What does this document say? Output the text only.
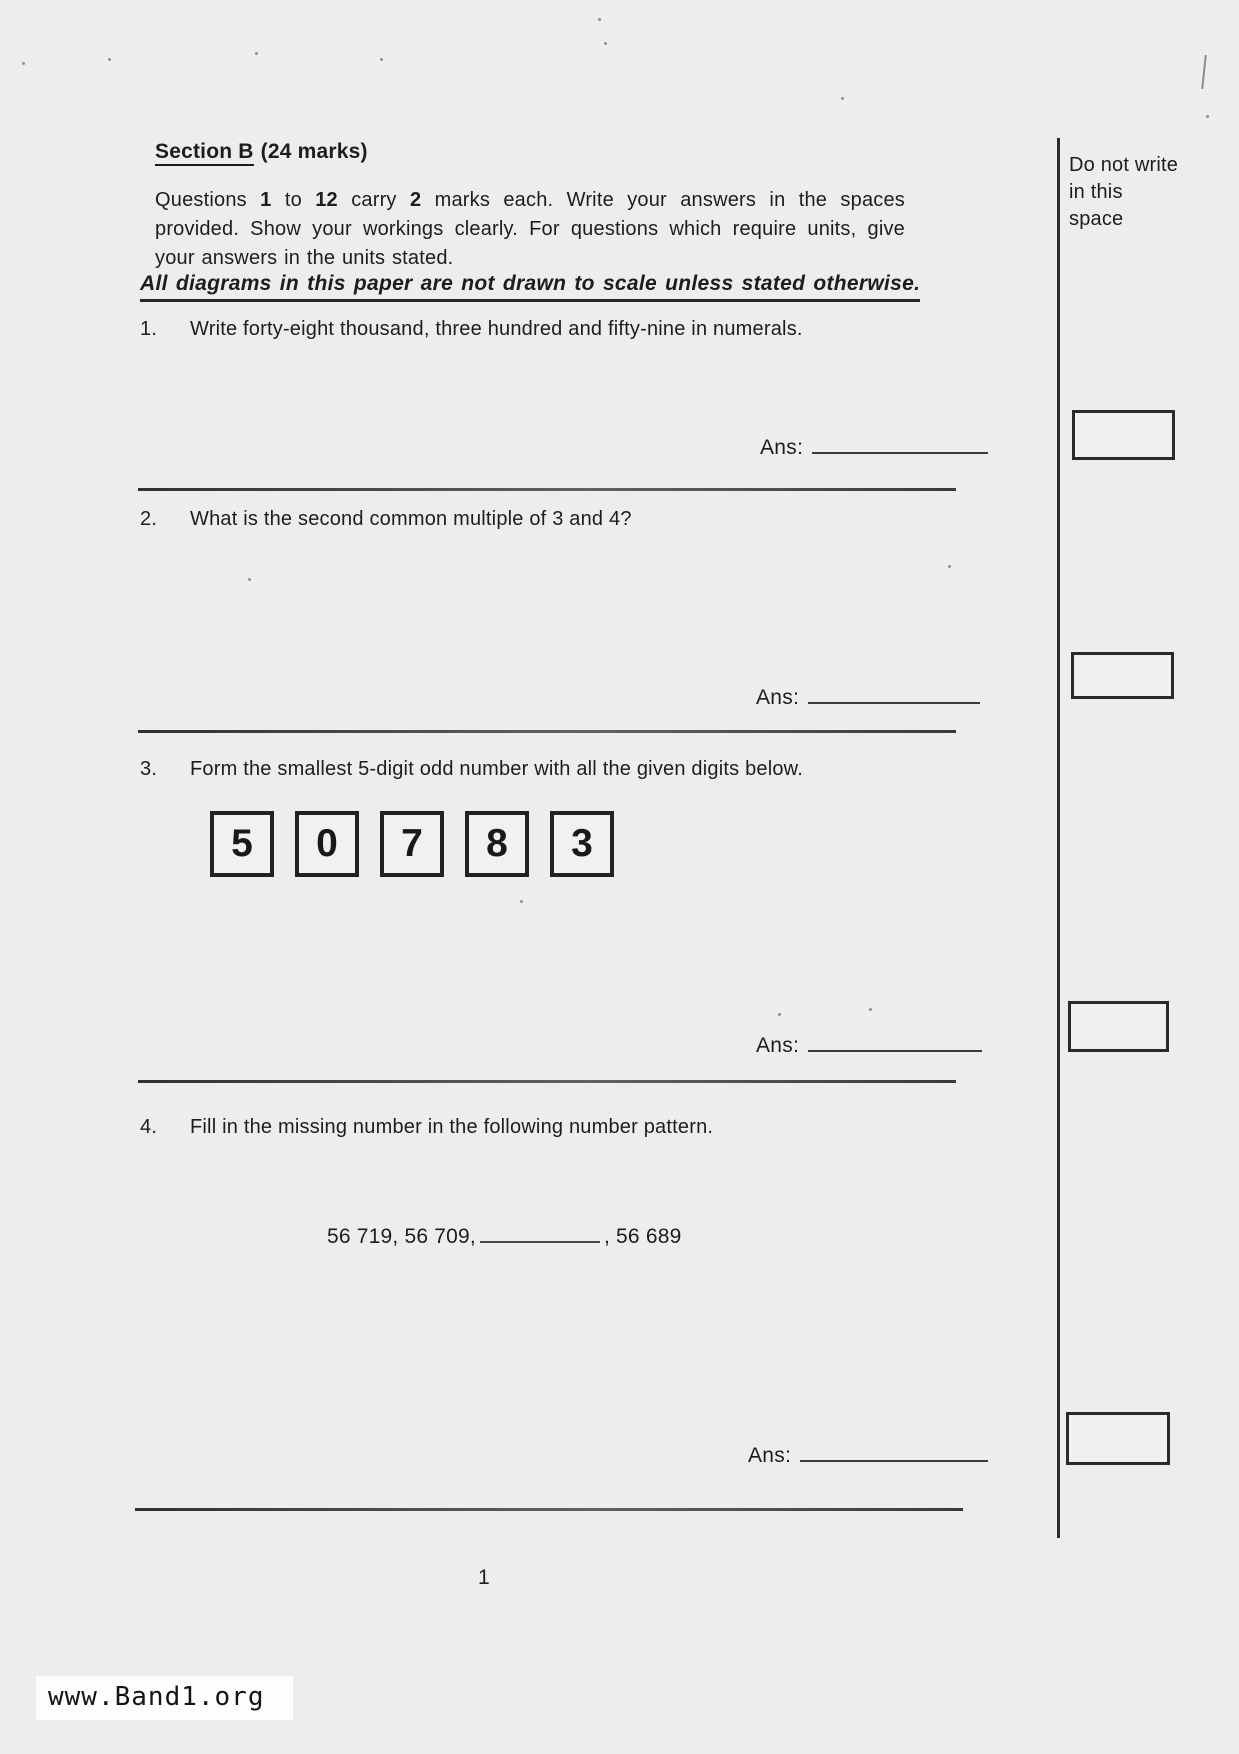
Section B (24 marks)

Questions 1 to 12 carry 2 marks each. Write your answers in the spaces provided. Show your workings clearly. For questions which require units, give your answers in the units stated.

All diagrams in this paper are not drawn to scale unless stated otherwise.
1. Write forty-eight thousand, three hundred and fifty-nine in numerals.
Ans:
2. What is the second common multiple of 3 and 4?
Ans:
3. Form the smallest 5-digit odd number with all the given digits below.
5	0	7	8	3
Ans:
4. Fill in the missing number in the following number pattern.
56 719, 56 709,	, 56 689
Ans:
Do not write in this space
1
www.Band1.org
